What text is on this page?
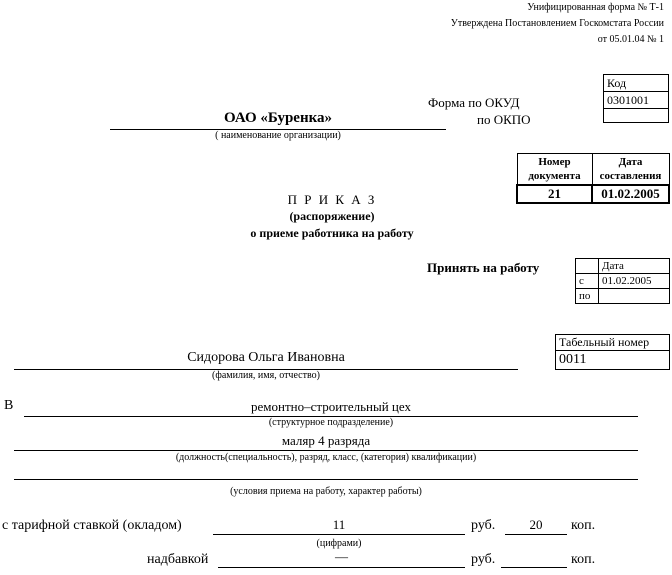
Унифицированная форма № Т-1
Утверждена Постановлением Госкомстата России
от 05.01.04 № 1
Код
0301001

Форма по ОКУД
по ОКПО
ОАО «Буренка»
( наименование организации)
Номер документа	Дата составления
21	01.02.2005
П Р И К А З
(распоряжение)
о приеме работника на работу
Принять на работу
		Дата
с	01.02.2005
по	
Табельный номер
0011
Сидорова Ольга Ивановна
(фамилия, имя, отчество)
В	ремонтно–строительный цех
(структурное подразделение)
маляр 4 разряда
(должность(специальность), разряд, класс, (категория) квалификации)
(условия приема на работу, характер работы)
с тарифной ставкой (окладом)	11	руб.	20	коп.
(цифрами)
надбавкой	—	руб.	коп.
